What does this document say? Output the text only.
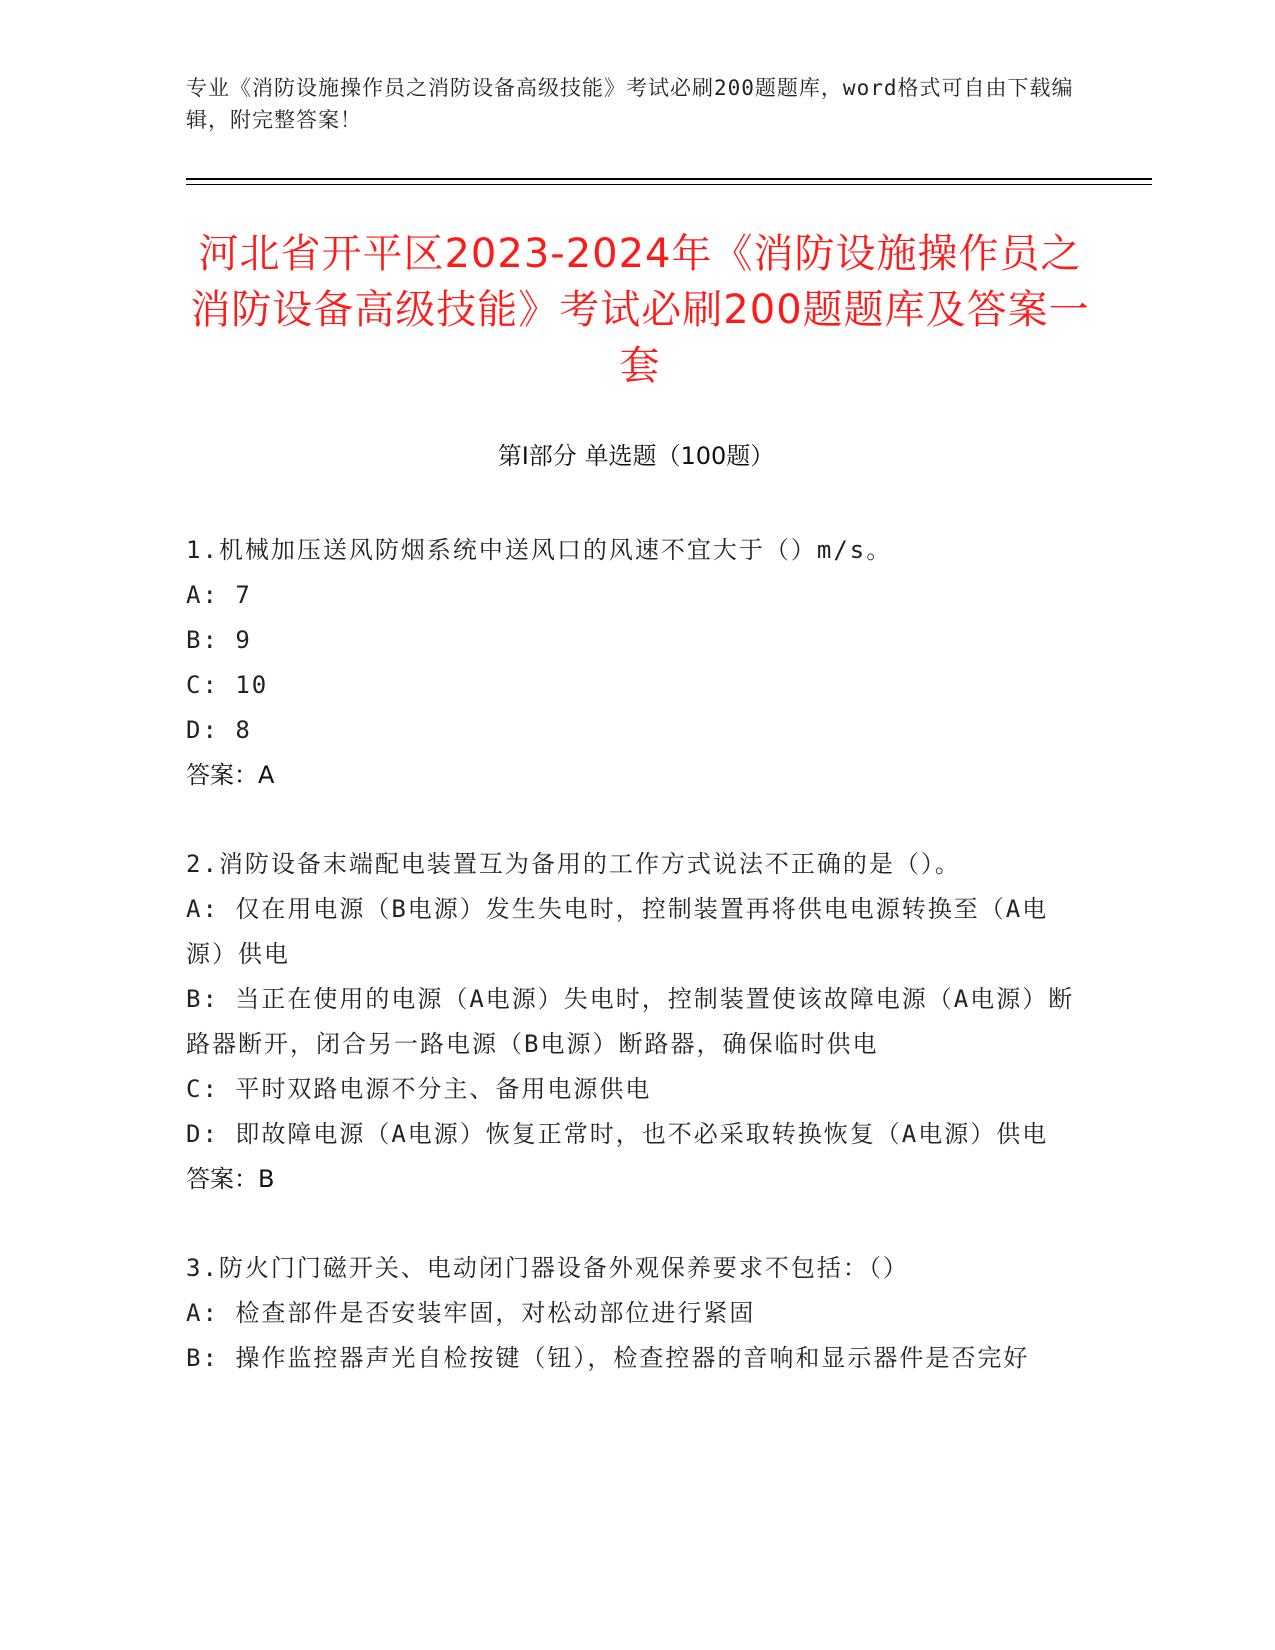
专业《消防设施操作员之消防设备高级技能》考试必刷200题题库，word格式可自由下载编辑，附完整答案！
河北省开平区2023-2024年《消防设施操作员之消防设备高级技能》考试必刷200题题库及答案一套
第I部分 单选题（100题）
1.机械加压送风防烟系统中送风口的风速不宜大于（）m/s。
A: 7
B: 9
C: 10
D: 8
答案：A
2.消防设备末端配电装置互为备用的工作方式说法不正确的是（）。
A: 仅在用电源（B电源）发生失电时，控制装置再将供电电源转换至（A电源）供电
B: 当正在使用的电源（A电源）失电时，控制装置使该故障电源（A电源）断路器断开，闭合另一路电源（B电源）断路器，确保临时供电
C: 平时双路电源不分主、备用电源供电
D: 即故障电源（A电源）恢复正常时，也不必采取转换恢复（A电源）供电
答案：B
3.防火门门磁开关、电动闭门器设备外观保养要求不包括：（）
A: 检查部件是否安装牢固，对松动部位进行紧固
B: 操作监控器声光自检按键（钮），检查控器的音响和显示器件是否完好
